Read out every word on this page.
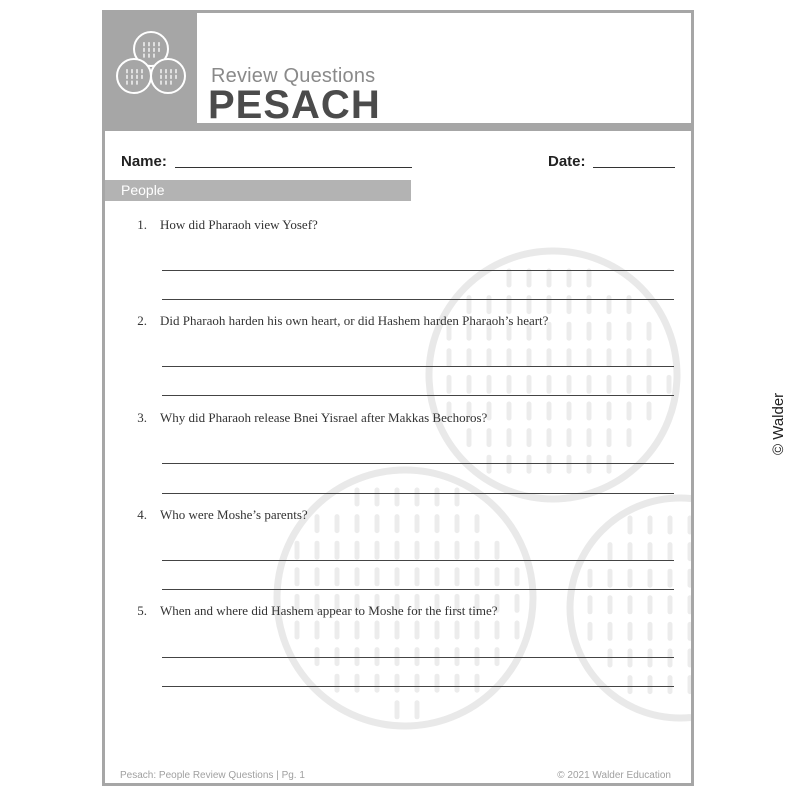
Review Questions
PESACH
Name:	Date:
People
1. How did Pharaoh view Yosef?
2. Did Pharaoh harden his own heart, or did Hashem harden Pharaoh’s heart?
3. Why did Pharaoh release Bnei Yisrael after Makkas Bechoros?
4. Who were Moshe’s parents?
5. When and where did Hashem appear to Moshe for the first time?
Pesach: People Review Questions | Pg. 1	© 2021 Walder Education
© Walder
